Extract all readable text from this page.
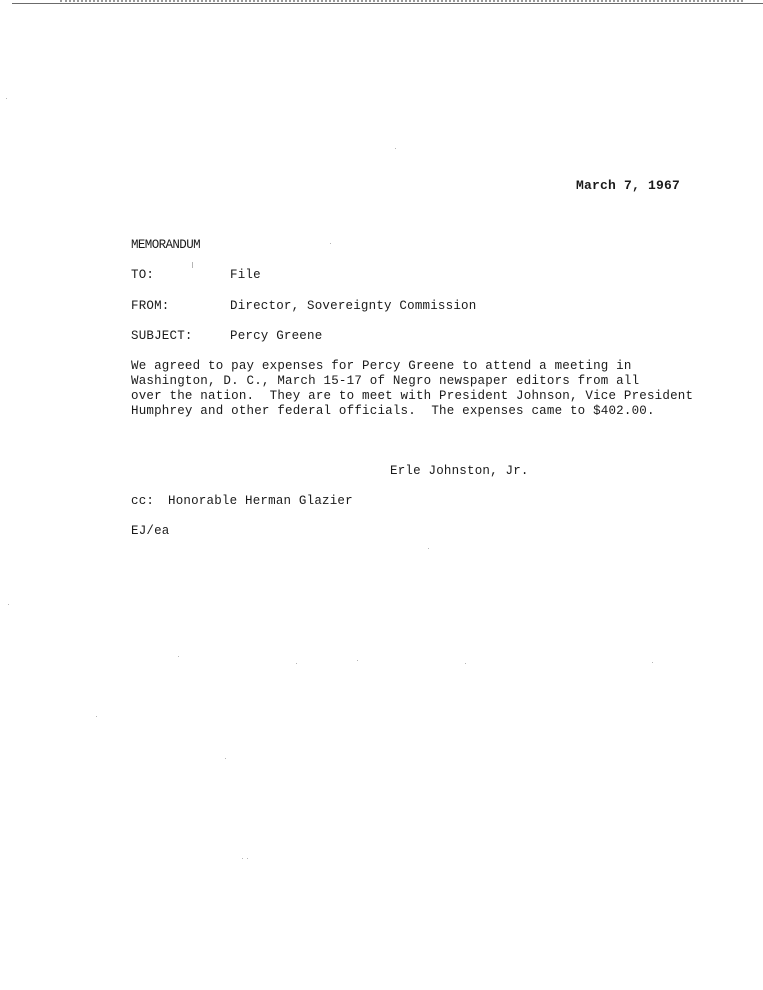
March 7, 1967
MEMORANDUM
TO:	File
FROM:	Director, Sovereignty Commission
SUBJECT:	Percy Greene
We agreed to pay expenses for Percy Greene to attend a meeting in
Washington, D. C., March 15-17 of Negro newspaper editors from all
over the nation.  They are to meet with President Johnson, Vice President
Humphrey and other federal officials.  The expenses came to $402.00.
Erle Johnston, Jr.
cc: Honorable Herman Glazier
EJ/ea
